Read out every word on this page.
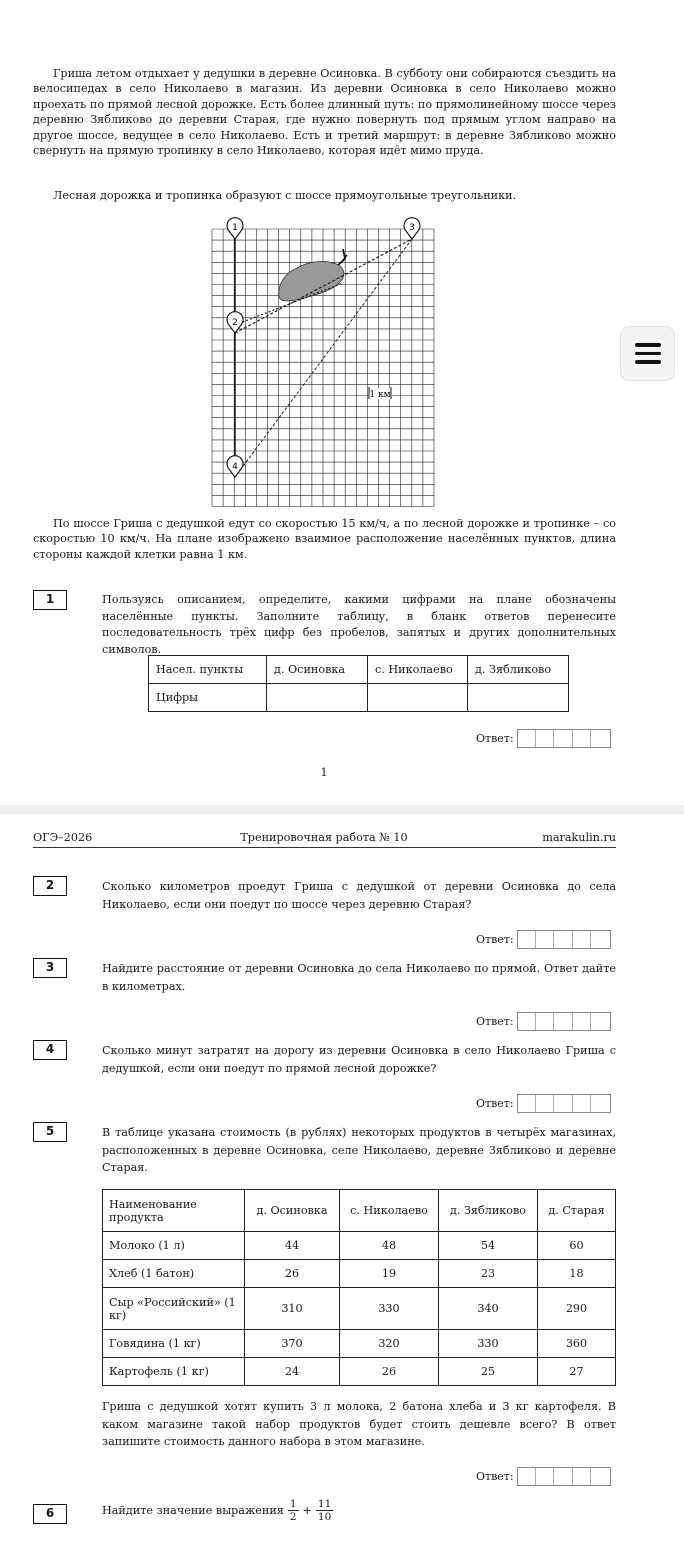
Гриша летом отдыхает у дедушки в деревне Осиновка. В субботу они собираются съездить на велосипедах в село Николаево в магазин. Из деревни Осиновка в село Николаево можно проехать по прямой лесной дорожке. Есть более длинный путь: по прямолинейному шоссе через деревню Зябликово до деревни Старая, где нужно повернуть под прямым углом направо на другое шоссе, ведущее в село Николаево. Есть и третий маршрут: в деревне Зябликово можно свернуть на прямую тропинку в село Николаево, которая идёт мимо пруда.

Лесная дорожка и тропинка образуют с шоссе прямоугольные треугольники.

1
2
3
4
1 км

По шоссе Гриша с дедушкой едут со скоростью 15 км/ч, а по лесной дорожке и тропинке – со скоростью 10 км/ч. На плане изображено взаимное расположение населённых пунктов, длина стороны каждой клетки равна 1 км.

1	Пользуясь описанием, определите, какими цифрами на плане обозначены населённые пункты. Заполните таблицу, в бланк ответов перенесите последовательность трёх цифр без пробелов, запятых и других дополнительных символов.

Насел. пункты	д. Осиновка	с. Николаево	д. Зябликово
Цифры			
Ответ:
1
ОГЭ–2026	Тренировочная работа № 10	marakulin.ru
2	Сколько километров проедут Гриша с дедушкой от деревни Осиновка до села Николаево, если они поедут по шоссе через деревню Старая?

Ответ:
3	Найдите расстояние от деревни Осиновка до села Николаево по прямой. Ответ дайте в километрах.

Ответ:
4	Сколько минут затратят на дорогу из деревни Осиновка в село Николаево Гриша с дедушкой, если они поедут по прямой лесной дорожке?

Ответ:
5	В таблице указана стоимость (в рублях) некоторых продуктов в четырёх магазинах, расположенных в деревне Осиновка, селе Николаево, деревне Зябликово и деревне Старая.

Наименование продукта	д. Осиновка	с. Николаево	д. Зябликово	д. Старая
Молоко (1 л)	44	48	54	60
Хлеб (1 батон)	26	19	23	18
Сыр «Российский» (1 кг)	310	330	340	290
Говядина (1 кг)	370	320	330	360
Картофель (1 кг)	24	26	25	27

Гриша с дедушкой хотят купить 3 л молока, 2 батона хлеба и 3 кг картофеля. В каком магазине такой набор продуктов будет стоить дешевле всего? В ответ запишите стоимость данного набора в этом магазине.

Ответ:
6	Найдите значение выражения $\frac{1}{2} + \frac{11}{10}$
